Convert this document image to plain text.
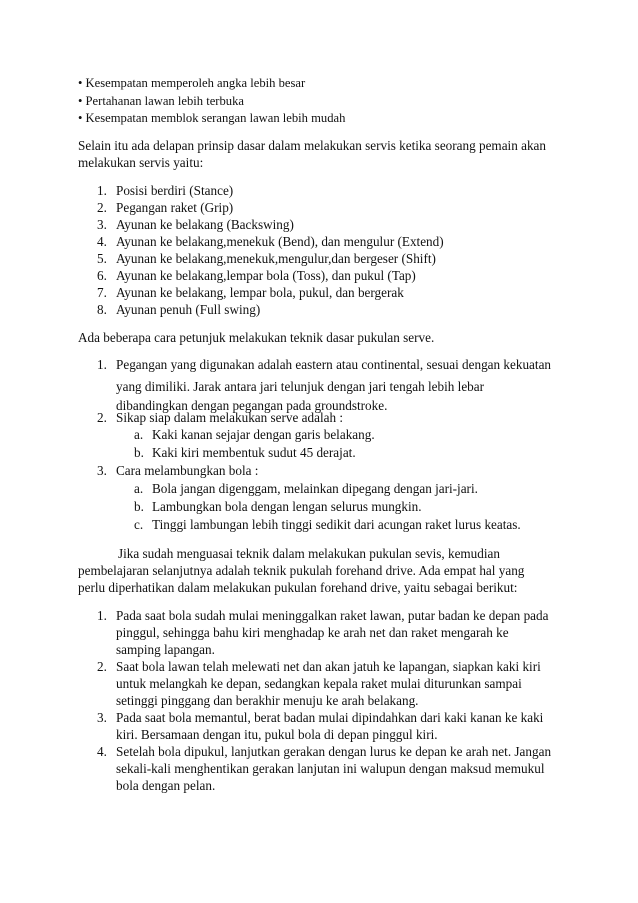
• Kesempatan memperoleh angka lebih besar
• Pertahanan lawan lebih terbuka
• Kesempatan memblok serangan lawan lebih mudah
Selain itu ada delapan prinsip dasar dalam melakukan servis ketika seorang pemain akan
melakukan servis yaitu:
1. Posisi berdiri (Stance)
2. Pegangan raket (Grip)
3. Ayunan ke belakang (Backswing)
4. Ayunan ke belakang,menekuk (Bend), dan mengulur (Extend)
5. Ayunan ke belakang,menekuk,mengulur,dan bergeser (Shift)
6. Ayunan ke belakang,lempar bola (Toss), dan pukul (Tap)
7. Ayunan ke belakang, lempar bola, pukul, dan bergerak
8. Ayunan penuh (Full swing)
Ada beberapa cara petunjuk melakukan teknik dasar pukulan serve.
1. Pegangan yang digunakan adalah eastern atau continental, sesuai dengan kekuatan
yang dimiliki. Jarak antara jari telunjuk dengan jari tengah lebih lebar
dibandingkan dengan pegangan pada groundstroke.
2. Sikap siap dalam melakukan serve adalah :
a. Kaki kanan sejajar dengan garis belakang.
b. Kaki kiri membentuk sudut 45 derajat.
3. Cara melambungkan bola :
a. Bola jangan digenggam, melainkan dipegang dengan jari-jari.
b. Lambungkan bola dengan lengan selurus mungkin.
c. Tinggi lambungan lebih tinggi sedikit dari acungan raket lurus keatas.
Jika sudah menguasai teknik dalam melakukan pukulan sevis, kemudian
pembelajaran selanjutnya adalah teknik pukulah forehand drive. Ada empat hal yang
perlu diperhatikan dalam melakukan pukulan forehand drive, yaitu sebagai berikut:
1. Pada saat bola sudah mulai meninggalkan raket lawan, putar badan ke depan pada
pinggul, sehingga bahu kiri menghadap ke arah net dan raket mengarah ke
samping lapangan.
2. Saat bola lawan telah melewati net dan akan jatuh ke lapangan, siapkan kaki kiri
untuk melangkah ke depan, sedangkan kepala raket mulai diturunkan sampai
setinggi pinggang dan berakhir menuju ke arah belakang.
3. Pada saat bola memantul, berat badan mulai dipindahkan dari kaki kanan ke kaki
kiri. Bersamaan dengan itu, pukul bola di depan pinggul kiri.
4. Setelah bola dipukul, lanjutkan gerakan dengan lurus ke depan ke arah net. Jangan
sekali-kali menghentikan gerakan lanjutan ini walupun dengan maksud memukul
bola dengan pelan.
